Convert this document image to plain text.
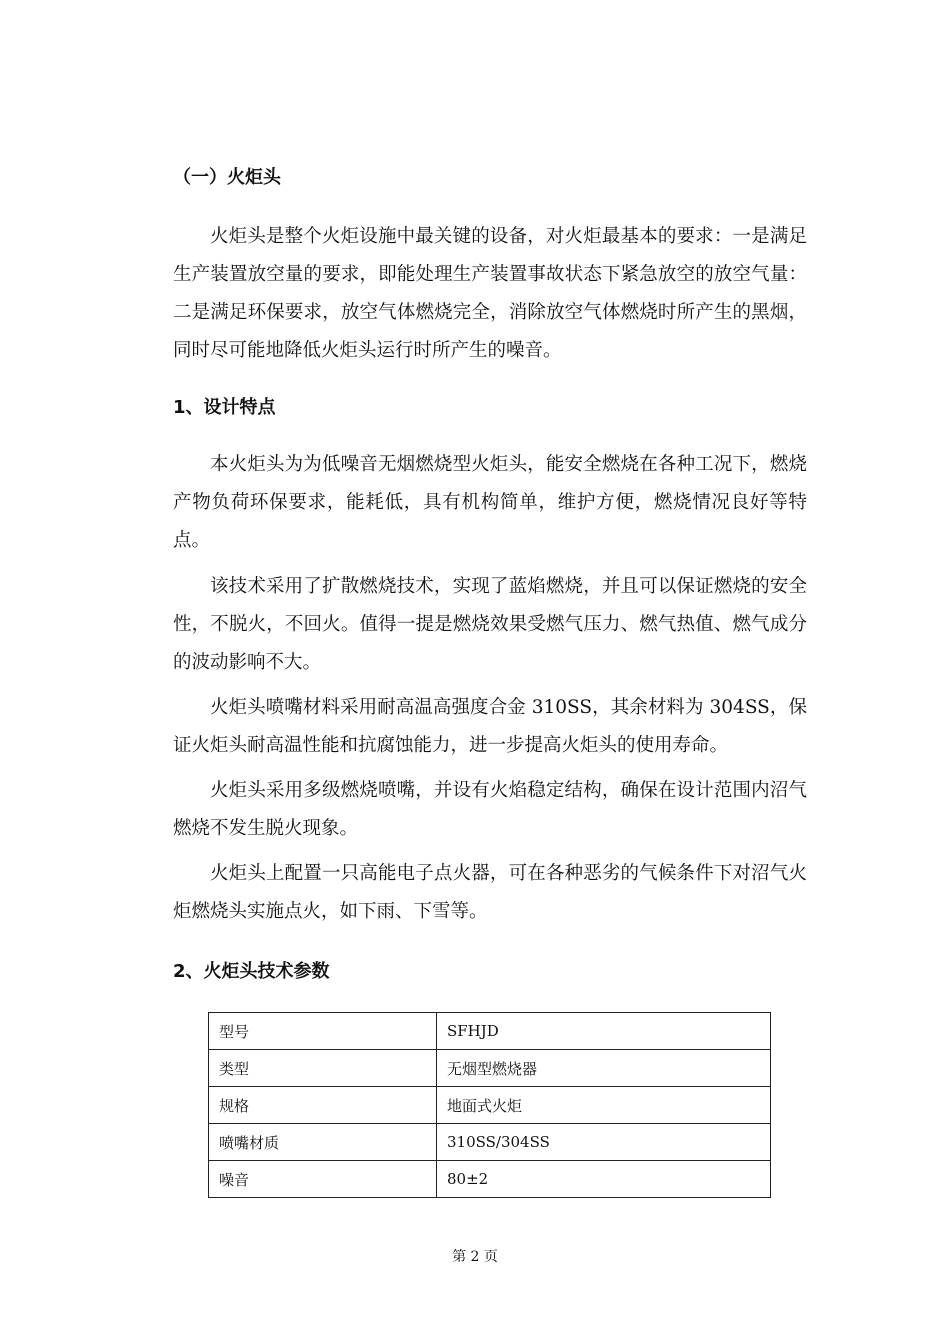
（一）火炬头

火炬头是整个火炬设施中最关键的设备，对火炬最基本的要求：一是满足生产装置放空量的要求，即能处理生产装置事故状态下紧急放空的放空气量：二是满足环保要求，放空气体燃烧完全，消除放空气体燃烧时所产生的黑烟，同时尽可能地降低火炬头运行时所产生的噪音。

1、设计特点

本火炬头为为低噪音无烟燃烧型火炬头，能安全燃烧在各种工况下，燃烧产物负荷环保要求，能耗低，具有机构简单，维护方便，燃烧情况良好等特点。

该技术采用了扩散燃烧技术，实现了蓝焰燃烧，并且可以保证燃烧的安全性，不脱火，不回火。值得一提是燃烧效果受燃气压力、燃气热值、燃气成分的波动影响不大。

火炬头喷嘴材料采用耐高温高强度合金 310SS，其余材料为 304SS，保证火炬头耐高温性能和抗腐蚀能力，进一步提高火炬头的使用寿命。

火炬头采用多级燃烧喷嘴，并设有火焰稳定结构，确保在设计范围内沼气燃烧不发生脱火现象。

火炬头上配置一只高能电子点火器，可在各种恶劣的气候条件下对沼气火炬燃烧头实施点火，如下雨、下雪等。

2、火炬头技术参数
型号	SFHJD
类型	无烟型燃烧器
规格	地面式火炬
喷嘴材质	310SS/304SS
噪音	80±2
第 2 页
